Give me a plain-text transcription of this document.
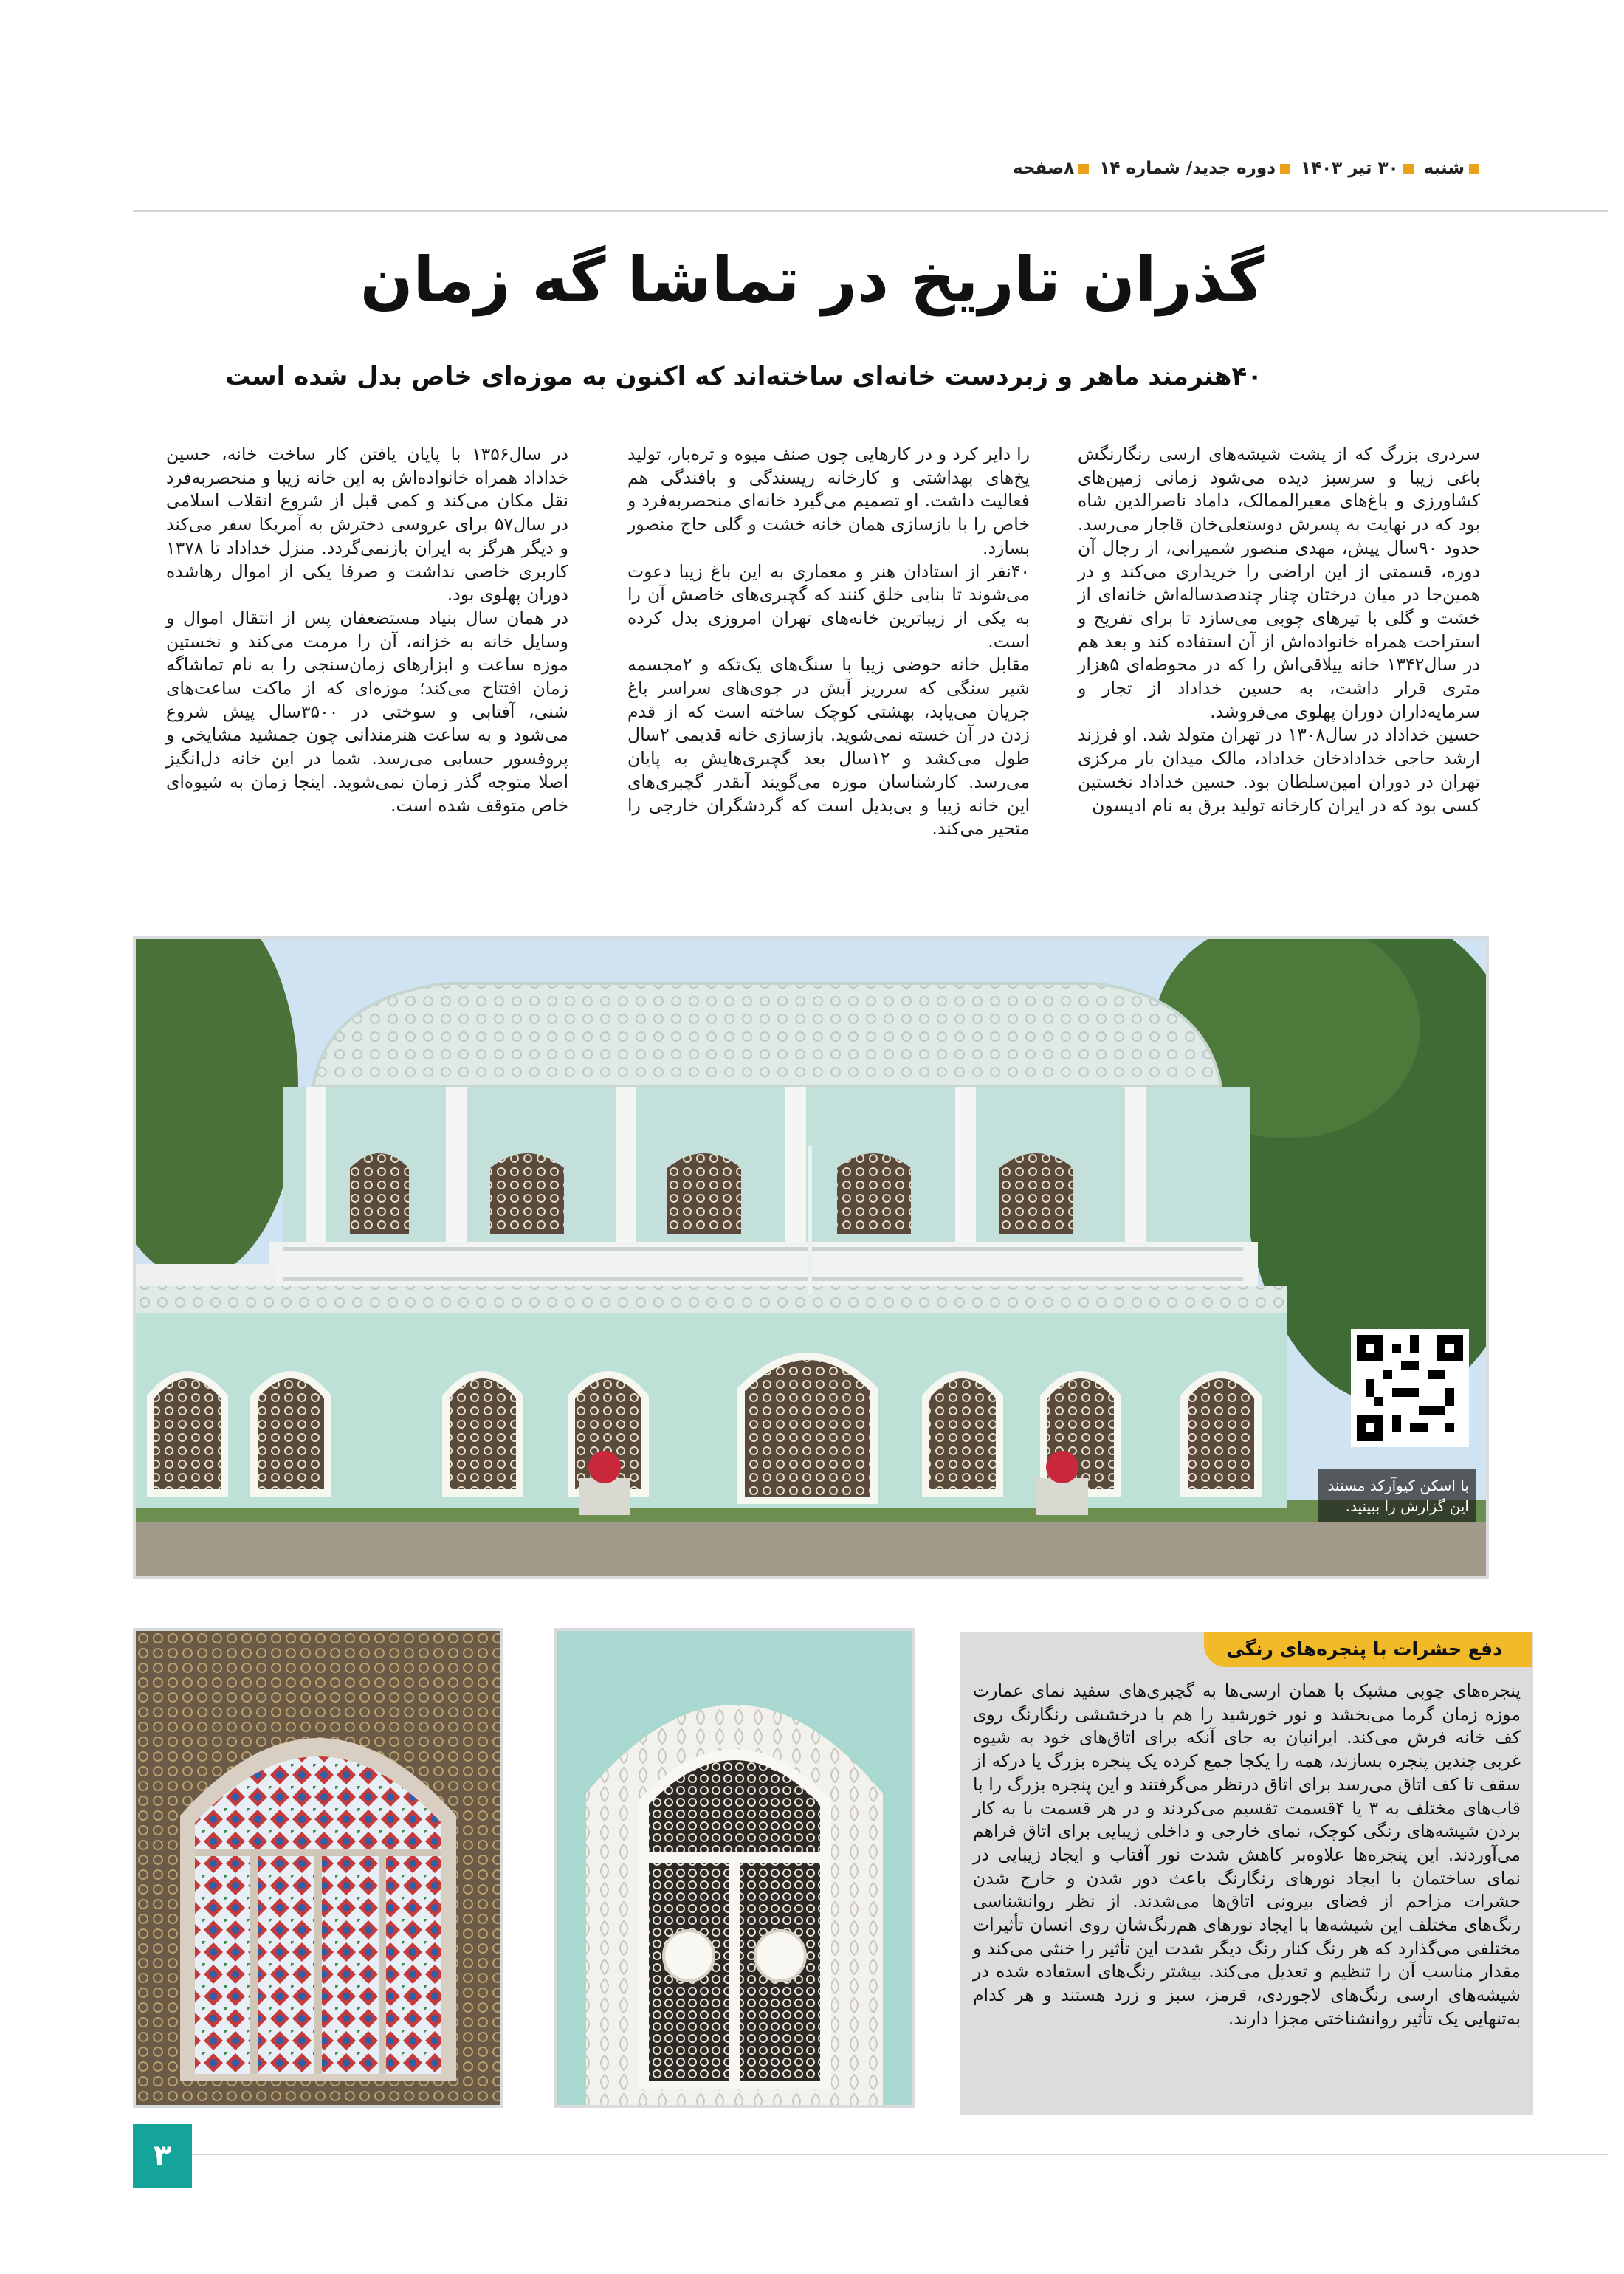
شنبه ۳۰ تیر ۱۴۰۳ دوره جدید/ شماره ۱۴ ۸صفحه
گذران تاریخ در تماشا گه زمان
۴۰هنرمند ماهر و زبردست خانه‌ای ساخته‌اند که اکنون به موزه‌ای خاص بدل شده است

سردری بزرگ که از پشت شیشه‌های ارسی رنگارنگش باغی زیبا و سرسبز دیده می‌شود زمانی زمین‌های کشاورزی و باغ‌های معیرالممالک، داماد ناصرالدین شاه بود که در نهایت به پسرش دوستعلی‌خان قاجار می‌رسد. حدود ۹۰سال پیش، مهدی منصور شمیرانی، از رجال آن دوره، قسمتی از این اراضی را خریداری می‌کند و در همین‌جا در میان درختان چنار چندصدساله‌اش خانه‌ای از خشت و گلی با تیرهای چوبی می‌سازد تا برای تفریح و استراحت همراه خانواده‌اش از آن استفاده کند و بعد هم در سال۱۳۴۲ خانه ییلاقی‌اش را که در محوطه‌ای ۵هزار متری قرار داشت، به حسین خداداد از تجار و سرمایه‌داران دوران پهلوی می‌فروشد.

حسین خداداد در سال۱۳۰۸ در تهران متولد شد. او فرزند ارشد حاجی خدادادخان خداداد، مالک میدان بار مرکزی تهران در دوران امین‌سلطان بود. حسین خداداد نخستین کسی بود که در ایران کارخانه تولید برق به نام ادیسون

را دایر کرد و در کارهایی چون صنف میوه و تره‌بار، تولید یخ‌های بهداشتی و کارخانه ریسندگی و بافندگی هم فعالیت داشت. او تصمیم می‌گیرد خانه‌ای منحصربه‌فرد و خاص را با بازسازی همان خانه خشت و گلی حاج منصور بسازد.

۴۰نفر از استادان هنر و معماری به این باغ زیبا دعوت می‌شوند تا بنایی خلق کنند که گچبری‌های خاصش آن را به یکی از زیباترین خانه‌های تهران امروزی بدل کرده است.

مقابل خانه حوضی زیبا با سنگ‌های یک‌تکه و ۲مجسمه شیر سنگی که سرریز آبش در جوی‌های سراسر باغ جریان می‌یابد، بهشتی کوچک ساخته است که از قدم زدن در آن خسته نمی‌شوید. بازسازی خانه قدیمی ۲سال طول می‌کشد و ۱۲سال بعد گچبری‌هایش به پایان می‌رسد. کارشناسان موزه می‌گویند آنقدر گچبری‌های این خانه زیبا و بی‌بدیل است که گردشگران خارجی را متحیر می‌کند.

در سال۱۳۵۶ با پایان یافتن کار ساخت خانه، حسین خداداد همراه خانواده‌اش به این خانه زیبا و منحصربه‌فرد نقل مکان می‌کند و کمی قبل از شروع انقلاب اسلامی در سال۵۷ برای عروسی دخترش به آمریکا سفر می‌کند و دیگر هرگز به ایران بازنمی‌گردد. منزل خداداد تا ۱۳۷۸ کاربری خاصی نداشت و صرفا یکی از اموال رهاشده دوران پهلوی بود.

در همان سال بنیاد مستضعفان پس از انتقال اموال و وسایل خانه به خزانه، آن را مرمت می‌کند و نخستین موزه ساعت و ابزارهای زمان‌سنجی را به نام تماشاگه زمان افتتاح می‌کند؛ موزه‌ای که از ماکت ساعت‌های شنی، آفتابی و سوختی در ۳۵۰۰سال پیش شروع می‌شود و به ساعت هنرمندانی چون جمشید مشایخی و پروفسور حسابی می‌رسد. شما در این خانه دل‌انگیز اصلا متوجه گذر زمان نمی‌شوید. اینجا زمان به شیوه‌ای خاص متوقف شده است.

با اسکن کیوآرکد مستند این گزارش را ببینید.
دفع حشرات با پنجره‌های رنگی

پنجره‌های چوبی مشبک با همان ارسی‌ها به گچبری‌های سفید نمای عمارت موزه زمان گرما می‌بخشد و نور خورشید را هم با درخششی رنگارنگ روی کف خانه فرش می‌کند. ایرانیان به جای آنکه برای اتاق‌های خود به شیوه غربی چندین پنجره بسازند، همه را یکجا جمع کرده یک پنجره بزرگ یا درکه از سقف تا کف اتاق می‌رسد برای اتاق درنظر می‌گرفتند و این پنجره بزرگ را با قاب‌های مختلف به ۳ یا ۴قسمت تقسیم می‌کردند و در هر قسمت با به کار بردن شیشه‌های رنگی کوچک، نمای خارجی و داخلی زیبایی برای اتاق فراهم می‌آوردند. این پنجره‌ها علاوه‌بر کاهش شدت نور آفتاب و ایجاد زیبایی در نمای ساختمان با ایجاد نورهای رنگارنگ باعث دور شدن و خارج شدن حشرات مزاحم از فضای بیرونی اتاق‌ها می‌شدند. از نظر روانشناسی رنگ‌های مختلف این شیشه‌ها با ایجاد نورهای هم‌رنگ‌شان روی انسان تأثیرات مختلفی می‌گذارد که هر رنگ کنار رنگ دیگر شدت این تأثیر را خنثی می‌کند و مقدار مناسب آن را تنظیم و تعدیل می‌کند. بیشتر رنگ‌های استفاده شده در شیشه‌های ارسی رنگ‌های لاجوردی، قرمز، سبز و زرد هستند و هر کدام به‌تنهایی یک تأثیر روانشناختی مجزا دارند.

۳
